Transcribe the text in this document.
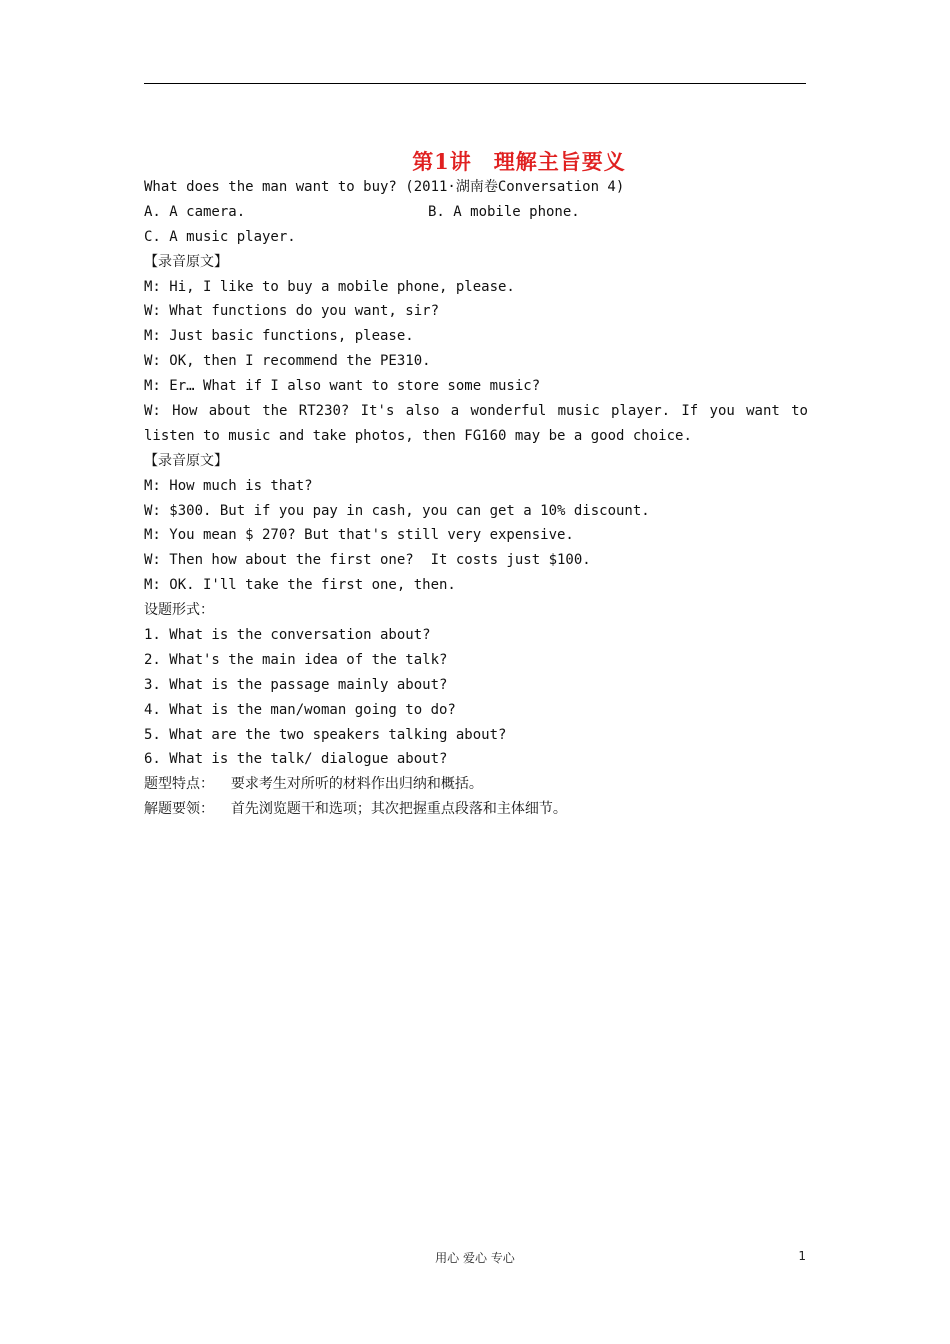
第1讲　理解主旨要义
What does the man want to buy? (2011·湖南卷Conversation 4)
A. A camera.	B. A mobile phone.
C. A music player.
【录音原文】
M: Hi, I like to buy a mobile phone, please.
W: What functions do you want, sir?
M: Just basic functions, please.
W: OK, then I recommend the PE310.
M: Er… What if I also want to store some music?
W: How about the RT230? It's also a wonderful music player. If you want to
listen to music and take photos, then FG160 may be a good choice.
【录音原文】
M: How much is that?
W: $300. But if you pay in cash, you can get a 10% discount.
M: You mean $ 270? But that's still very expensive.
W: Then how about the first one?  It costs just $100.
M: OK. I'll take the first one, then.
设题形式：
1. What is the conversation about?
2. What's the main idea of the talk?
3. What is the passage mainly about?
4. What is the man/woman going to do?
5. What are the two speakers talking about?
6. What is the talk/ dialogue about?
题型特点：  要求考生对所听的材料作出归纳和概括。
解题要领：  首先浏览题干和选项；其次把握重点段落和主体细节。
用心 爱心 专心	1
